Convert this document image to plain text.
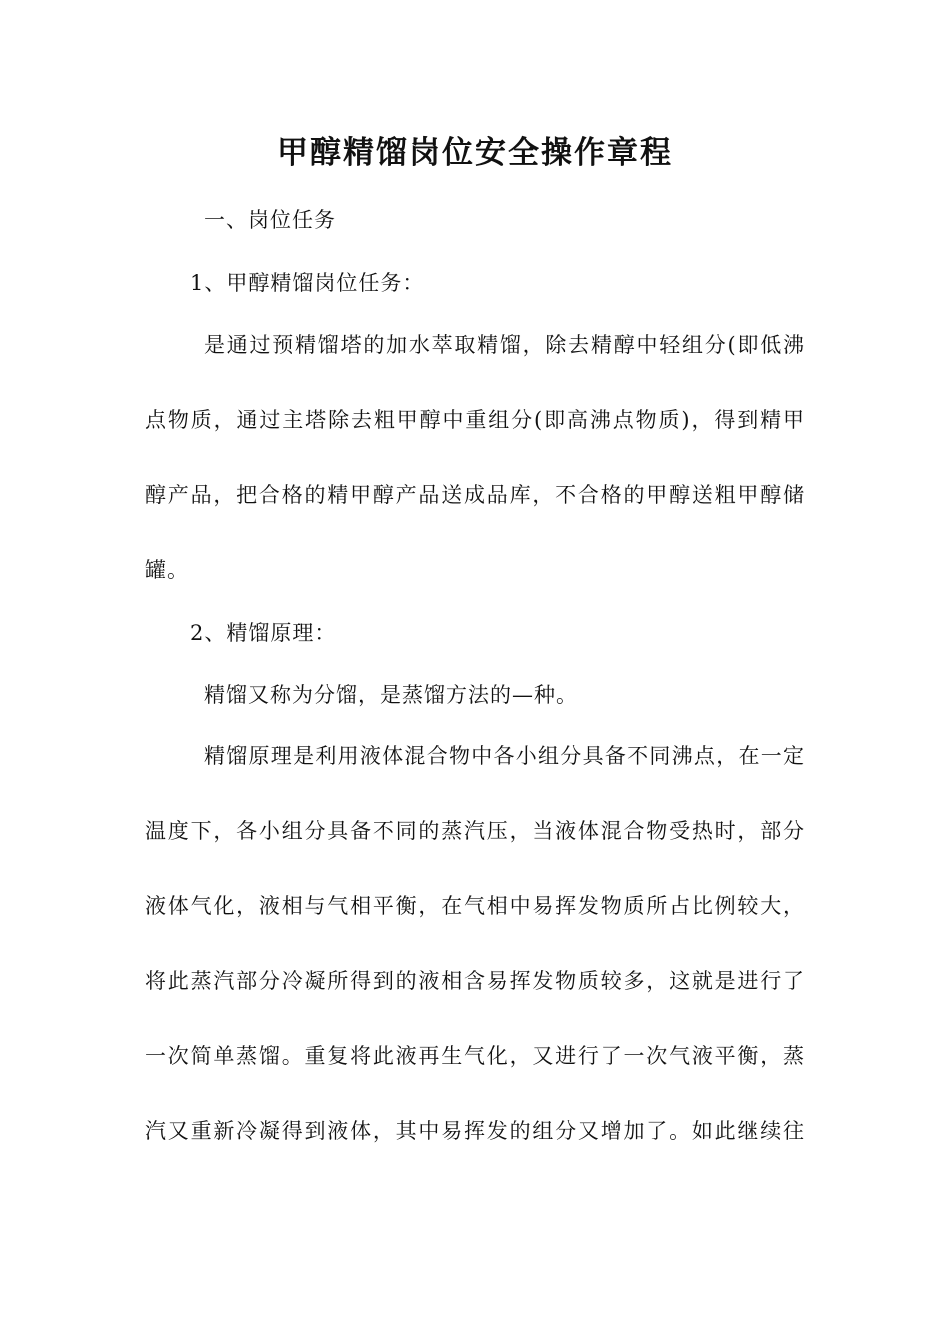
甲醇精馏岗位安全操作章程
一、岗位任务
1、甲醇精馏岗位任务：
是通过预精馏塔的加水萃取精馏，除去精醇中轻组分(即低沸
点物质，通过主塔除去粗甲醇中重组分(即高沸点物质)，得到精甲
醇产品，把合格的精甲醇产品送成品库，不合格的甲醇送粗甲醇储
罐。
2、精馏原理：
精馏又称为分馏，是蒸馏方法的—种。
精馏原理是利用液体混合物中各小组分具备不同沸点，在一定
温度下，各小组分具备不同的蒸汽压，当液体混合物受热时，部分
液体气化，液相与气相平衡，在气相中易挥发物质所占比例较大，
将此蒸汽部分冷凝所得到的液相含易挥发物质较多，这就是进行了
一次简单蒸馏。重复将此液再生气化，又进行了一次气液平衡，蒸
汽又重新冷凝得到液体，其中易挥发的组分又增加了。如此继续往
